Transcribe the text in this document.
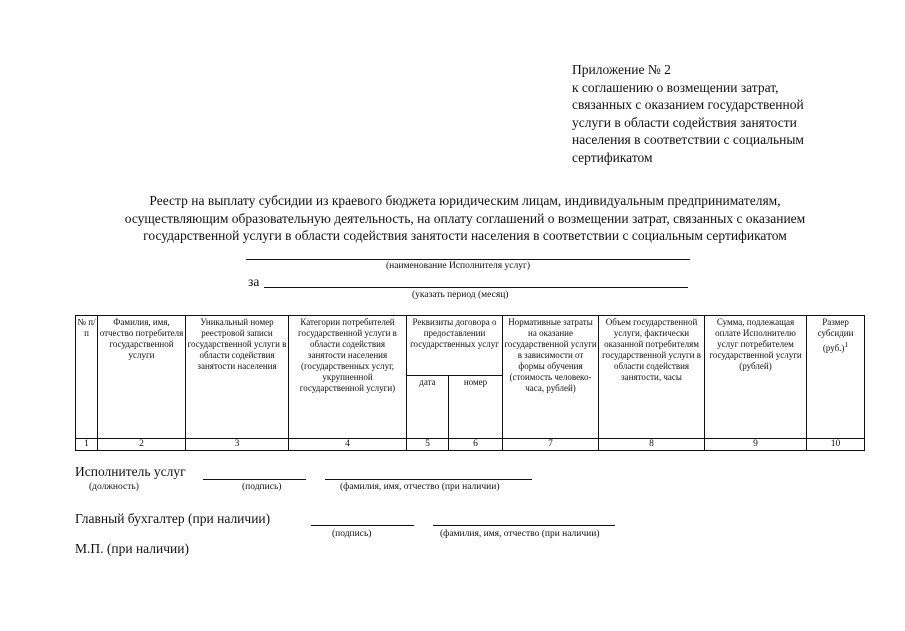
Приложение № 2
к соглашению о возмещении затрат,
связанных с оказанием государственной
услуги в области содействия занятости
населения в соответствии с социальным
сертификатом
Реестр на выплату субсидии из краевого бюджета юридическим лицам, индивидуальным предпринимателям,
осуществляющим образовательную деятельность, на оплату соглашений о возмещении затрат, связанных с оказанием
государственной услуги в области содействия занятости населения в соответствии с социальным сертификатом
(наименование Исполнителя услуг)
за
(указать период (месяц)
№ п/п	Фамилия, имя, отчество потребителя государственной услуги	Уникальный номер реестровой записи государственной услуги в области содействия занятости населения	Категории потребителей государственной услуги в области содействия занятости населения (государственных услуг, укрупненной государственной услуги)	Реквизиты договора о предоставлении государственных услуг		Нормативные затраты на оказание государственной услуги в зависимости от формы обучения (стоимость человеко-часа, рублей)	Объем государственной услуги, фактически оказанной потребителям государственной услуги в области содействия занятости, часы	Сумма, подлежащая оплате Исполнителю услуг потребителем государственной услуги (рублей)	Размер субсидии $(руб.)^1$
				дата	номер				
1	2	3	4	5	6	7	8	9	10
Исполнитель услуг
(должность)	(подпись)	(фамилия, имя, отчество (при наличии)
Главный бухгалтер (при наличии)
(подпись)	(фамилия, имя, отчество (при наличии)
М.П. (при наличии)
